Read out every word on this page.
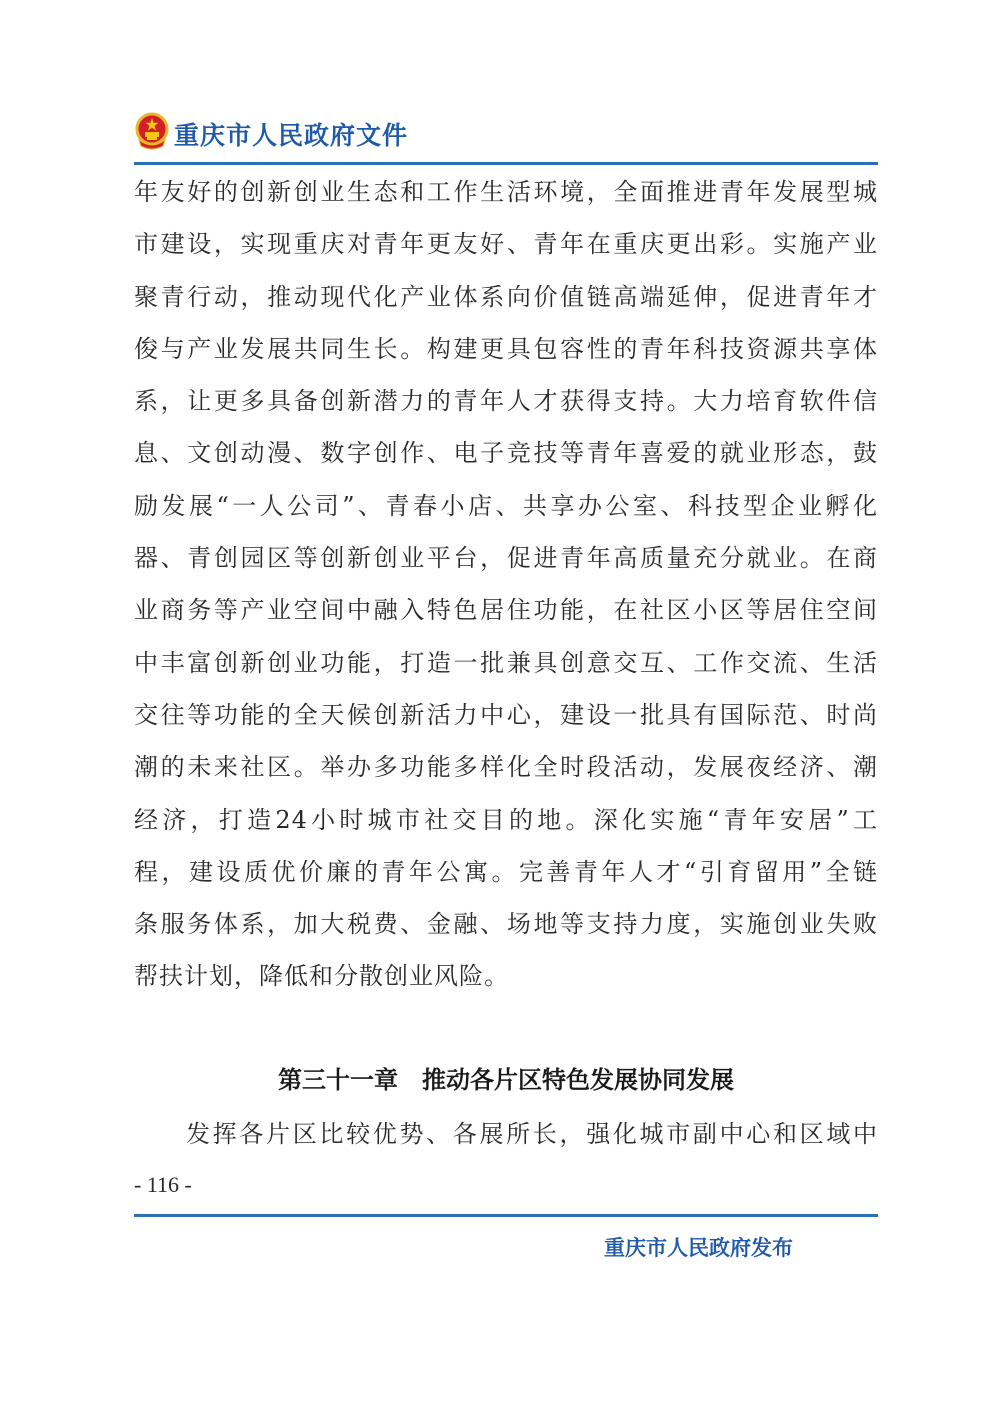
重庆市人民政府文件
年友好的创新创业生态和工作生活环境，全面推进青年发展型城
市建设，实现重庆对青年更友好、青年在重庆更出彩。实施产业
聚青行动，推动现代化产业体系向价值链高端延伸，促进青年才
俊与产业发展共同生长。构建更具包容性的青年科技资源共享体
系，让更多具备创新潜力的青年人才获得支持。大力培育软件信
息、文创动漫、数字创作、电子竞技等青年喜爱的就业形态，鼓
励发展“一人公司”、青春小店、共享办公室、科技型企业孵化
器、青创园区等创新创业平台，促进青年高质量充分就业。在商
业商务等产业空间中融入特色居住功能，在社区小区等居住空间
中丰富创新创业功能，打造一批兼具创意交互、工作交流、生活
交往等功能的全天候创新活力中心，建设一批具有国际范、时尚
潮的未来社区。举办多功能多样化全时段活动，发展夜经济、潮
经济，打造24小时城市社交目的地。深化实施“青年安居”工
程，建设质优价廉的青年公寓。完善青年人才“引育留用”全链
条服务体系，加大税费、金融、场地等支持力度，实施创业失败
帮扶计划，降低和分散创业风险。
第三十一章　推动各片区特色发展协同发展
发挥各片区比较优势、各展所长，强化城市副中心和区域中
- 116 -
重庆市人民政府发布
